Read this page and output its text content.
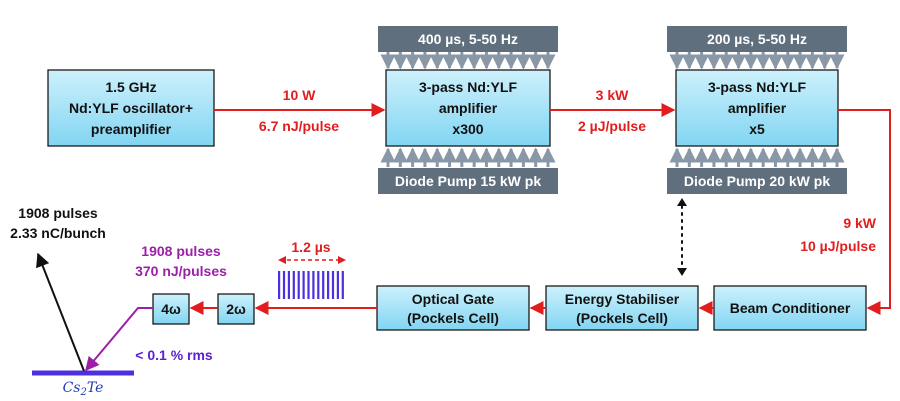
400 µs, 5-50 Hz
Diode Pump 15 kW pk
200 µs, 5-50 Hz
Diode Pump 20 kW pk
1.5 GHz
Nd:YLF oscillator+
preamplifier
3-pass Nd:YLF
amplifier
x300
3-pass Nd:YLF
amplifier
x5
Beam Conditioner
Energy Stabiliser
(Pockels Cell)
Optical Gate
(Pockels Cell)
2ω
4ω
10 W
6.7 nJ/pulse
3 kW
2 µJ/pulse
9 kW
10 µJ/pulse
1.2 µs
1908 pulses
370 nJ/pulses
< 0.1 % rms
$Cs_2Te$
1908 pulses
2.33 nC/bunch
